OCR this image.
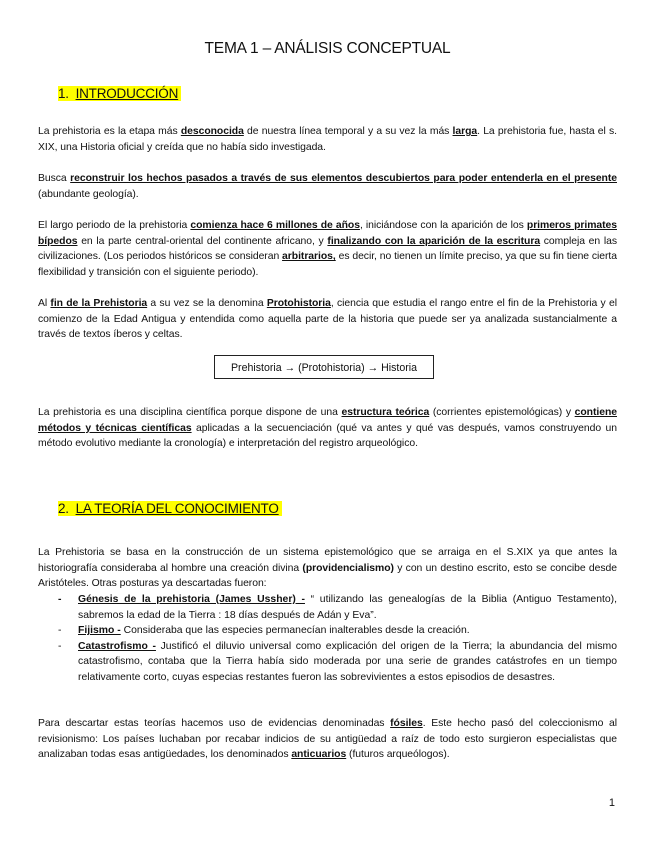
TEMA 1 – ANÁLISIS CONCEPTUAL
1. INTRODUCCIÓN
La prehistoria es la etapa más desconocida de nuestra línea temporal y a su vez la más larga. La prehistoria fue, hasta el s. XIX, una Historia oficial y creída que no había sido investigada.
Busca reconstruir los hechos pasados a través de sus elementos descubiertos para poder entenderla en el presente (abundante geología).
El largo periodo de la prehistoria comienza hace 6 millones de años, iniciándose con la aparición de los primeros primates bípedos en la parte central-oriental del continente africano, y finalizando con la aparición de la escritura compleja en las civilizaciones. (Los periodos históricos se consideran arbitrarios, es decir, no tienen un límite preciso, ya que su fin tiene cierta flexibilidad y transición con el siguiente periodo).
Al fin de la Prehistoria a su vez se la denomina Protohistoria, ciencia que estudia el rango entre el fin de la Prehistoria y el comienzo de la Edad Antigua y entendida como aquella parte de la historia que puede ser ya analizada sustancialmente a través de textos íberos y celtas.
Prehistoria → (Protohistoria) → Historia
La prehistoria es una disciplina científica porque dispone de una estructura teórica (corrientes epistemológicas) y contiene métodos y técnicas científicas aplicadas a la secuenciación (qué va antes y qué vas después, vamos construyendo un método evolutivo mediante la cronología) e interpretación del registro arqueológico.
2. LA TEORÍA DEL CONOCIMIENTO
La Prehistoria se basa en la construcción de un sistema epistemológico que se arraiga en el S.XIX ya que antes la historiografía consideraba al hombre una creación divina (providencialismo) y con un destino escrito, esto se concibe desde Aristóteles. Otras posturas ya descartadas fueron:
- Génesis de la prehistoria (James Ussher) - “ utilizando las genealogías de la Biblia (Antiguo Testamento), sabremos la edad de la Tierra : 18 días después de Adán y Eva”.
- Fijismo - Consideraba que las especies permanecían inalterables desde la creación.
- Catastrofismo - Justificó el diluvio universal como explicación del origen de la Tierra; la abundancia del mismo catastrofismo, contaba que la Tierra había sido moderada por una serie de grandes catástrofes en un tiempo relativamente corto, cuyas especias restantes fueron las sobrevivientes a estos episodios de desastres.
Para descartar estas teorías hacemos uso de evidencias denominadas fósiles. Este hecho pasó del coleccionismo al revisionismo: Los países luchaban por recabar indicios de su antigüedad a raíz de todo esto surgieron especialistas que analizaban todas esas antigüedades, los denominados anticuarios (futuros arqueólogos).
1
